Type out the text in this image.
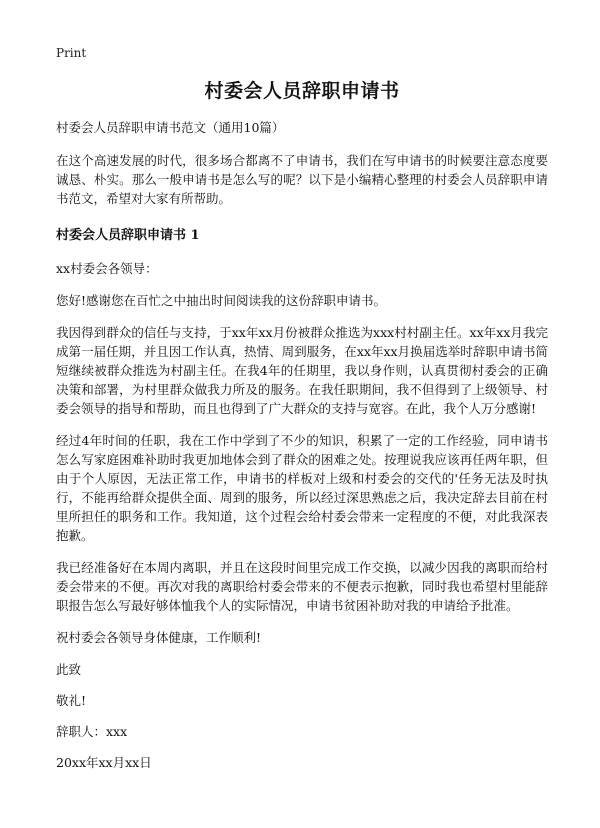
Print
村委会人员辞职申请书

村委会人员辞职申请书范文（通用10篇）

在这个高速发展的时代，很多场合都离不了申请书，我们在写申请书的时候要注意态度要诚恳、朴实。那么一般申请书是怎么写的呢？以下是小编精心整理的村委会人员辞职申请书范文，希望对大家有所帮助。

村委会人员辞职申请书 1

xx村委会各领导：

您好!感谢您在百忙之中抽出时间阅读我的这份辞职申请书。

我因得到群众的信任与支持，于xx年xx月份被群众推选为xxx村村副主任。xx年xx月我完成第一届任期，并且因工作认真，热情、周到服务，在xx年xx月换届选举时辞职申请书简短继续被群众推选为村副主任。在我4年的任期里，我以身作则，认真贯彻村委会的正确决策和部署，为村里群众做我力所及的服务。在我任职期间，我不但得到了上级领导、村委会领导的指导和帮助，而且也得到了广大群众的支持与宽容。在此，我个人万分感谢!

经过4年时间的任职，我在工作中学到了不少的知识，积累了一定的工作经验，同申请书怎么写家庭困难补助时我更加地体会到了群众的困难之处。按理说我应该再任两年职，但由于个人原因，无法正常工作，申请书的样板对上级和村委会的交代的'任务无法及时执行，不能再给群众提供全面、周到的服务，所以经过深思熟虑之后，我决定辞去目前在村里所担任的职务和工作。我知道，这个过程会给村委会带来一定程度的不便，对此我深表抱歉。

我已经准备好在本周内离职，并且在这段时间里完成工作交换，以减少因我的离职而给村委会带来的不便。再次对我的离职给村委会带来的不便表示抱歉，同时我也希望村里能辞职报告怎么写最好够体恤我个人的实际情况，申请书贫困补助对我的申请给予批准。

祝村委会各领导身体健康，工作顺利!

此致

敬礼!

辞职人：xxx

20xx年xx月xx日
